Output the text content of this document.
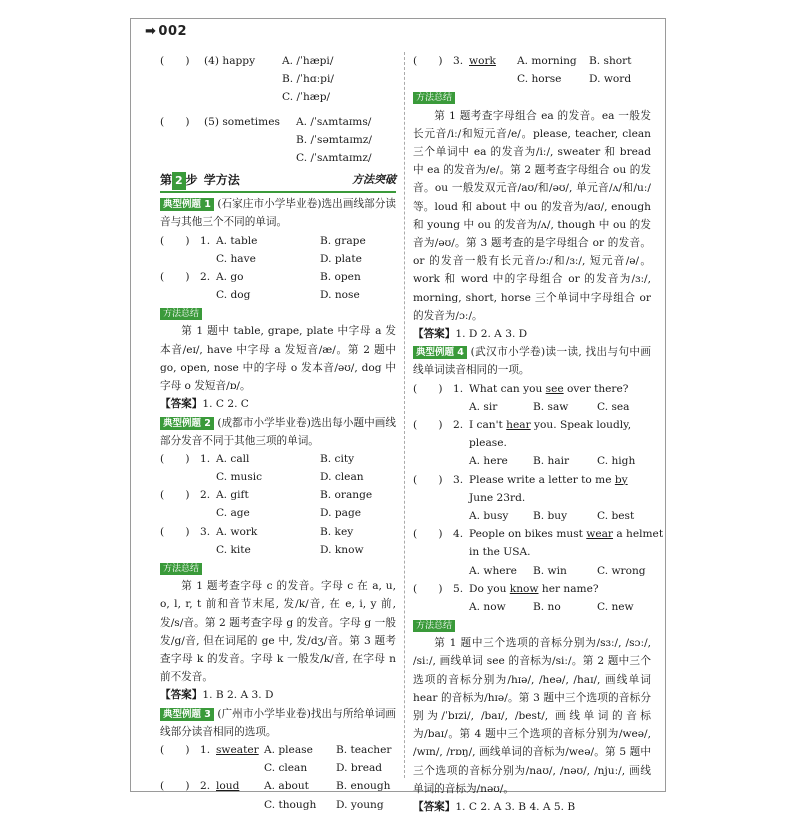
➡ 002
(　　) (4) happy	A. /ˈhæpi/
B. /ˈhɑːpi/
C. /ˈhæp/
(　　) (5) sometimes A. /ˈsʌmtaɪms/
B. /ˈsəmtaɪmz/
C. /ˈsʌmtaɪmz/
第 2 步 学方法	方法突破
典型例题 1 (石家庄市小学毕业卷)选出画线部分读音与其他三个不同的单词。
(　　) 1. A. table	B. grape
C. have	D. plate
(　　) 2. A. go	B. open
C. dog	D. nose
方法总结
第 1 题中 table, grape, plate 中字母 a 发本音/eɪ/, have 中字母 a 发短音/æ/。第 2 题中 go, open, nose 中的字母 o 发本音/əʊ/, dog 中字母 o 发短音/ɒ/。
【答案】1. C 2. C
典型例题 2 (成都市小学毕业卷)选出每小题中画线部分发音不同于其他三项的单词。
(　　) 1. A. call	B. city
C. music	D. clean
(　　) 2. A. gift	B. orange
C. age	D. page
(　　) 3. A. work	B. key
C. kite	D. know
方法总结
第 1 题考查字母 c 的发音。字母 c 在 a, u, o, l, r, t 前和音节末尾, 发/k/音, 在 e, i, y 前, 发/s/音。第 2 题考查字母 g 的发音。字母 g 一般发/g/音, 但在词尾的 ge 中, 发/dʒ/音。第 3 题考查字母 k 的发音。字母 k 一般发/k/音, 在字母 n 前不发音。
【答案】1. B 2. A 3. D
典型例题 3 (广州市小学毕业卷)找出与所给单词画线部分读音相同的选项。
(　　) 1. sweater A. please B. teacher
C. clean	D. bread
(　　) 2. loud A. about	B. enough
C. though D. young
(　　) 3. work A. morning B. short
C. horse	D. word
方法总结
第 1 题考查字母组合 ea 的发音。ea 一般发长元音/iː/和短元音/e/。please, teacher, clean 三个单词中 ea 的发音为/iː/, sweater 和 bread 中 ea 的发音为/e/。第 2 题考查字母组合 ou 的发音。ou 一般发双元音/aʊ/和/əʊ/, 单元音/ʌ/和/uː/等。loud 和 about 中 ou 的发音为/aʊ/, enough 和 young 中 ou 的发音为/ʌ/, though 中 ou 的发音为/əʊ/。第 3 题考查的是字母组合 or 的发音。or 的发音一般有长元音/ɔː/和/ɜː/, 短元音/ə/。work 和 word 中的字母组合 or 的发音为/ɜː/, morning, short, horse 三个单词中字母组合 or 的发音为/ɔː/。
【答案】1. D 2. A 3. D
典型例题 4 (武汉市小学卷)读一读, 找出与句中画线单词读音相同的一项。
(　　) 1. What can you see over there?
A. sir	B. saw	C. sea
(　　) 2. I can't hear you. Speak loudly,
please.
A. here B. hair	C. high
(　　) 3. Please write a letter to me by
June 23rd.
A. busy B. buy	C. best
(　　) 4. People on bikes must wear a helmet
in the USA.
A. where B. win	C. wrong
(　　) 5. Do you know her name?
A. now	B. no	C. new
方法总结
第 1 题中三个选项的音标分别为/sɜː/, /sɔː/, /siː/, 画线单词 see 的音标为/siː/。第 2 题中三个选项的音标分别为/hɪə/, /heə/, /haɪ/, 画线单词 hear 的音标为/hɪə/。第 3 题中三个选项的音标分别为/ˈbɪzi/, /baɪ/, /best/, 画线单词的音标为/baɪ/。第 4 题中三个选项的音标分别为/weə/, /wɪn/, /rɒŋ/, 画线单词的音标为/weə/。第 5 题中三个选项的音标分别为/naʊ/, /nəʊ/, /njuː/, 画线单词的音标为/nəʊ/。
【答案】1. C 2. A 3. B 4. A 5. B
